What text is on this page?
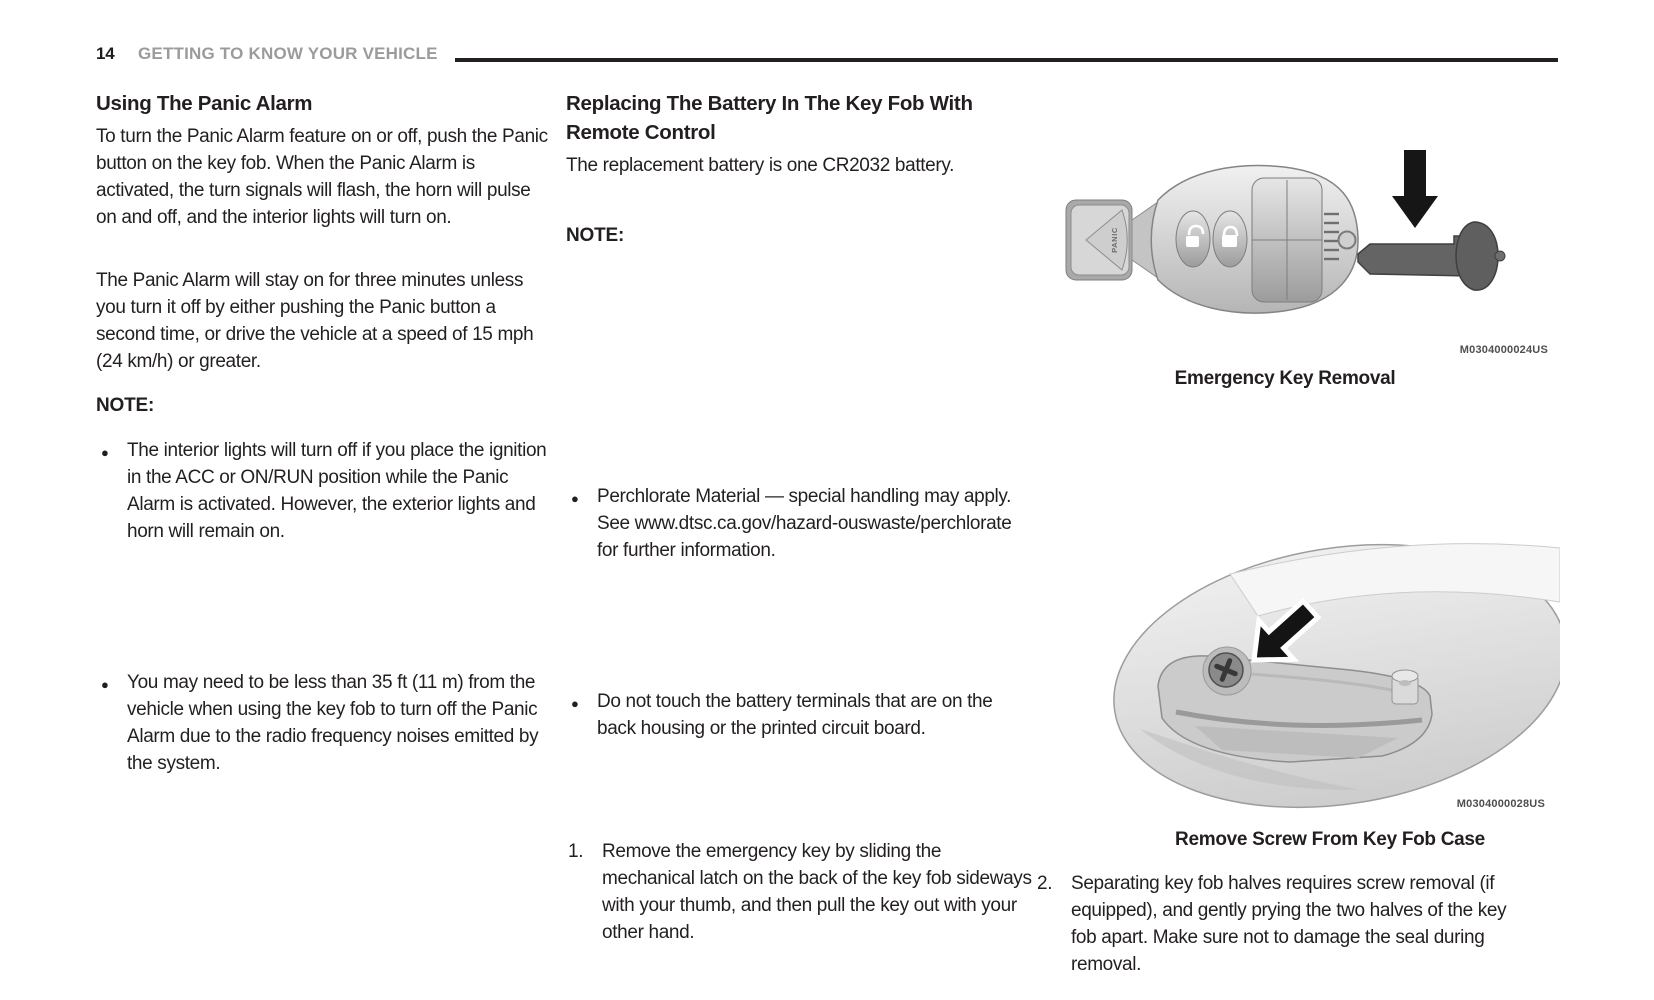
14 GETTING TO KNOW YOUR VEHICLE
Using The Panic Alarm
To turn the Panic Alarm feature on or off, push the Panic button on the key fob. When the Panic Alarm is activated, the turn signals will flash, the horn will pulse on and off, and the interior lights will turn on.
The Panic Alarm will stay on for three minutes unless you turn it off by either pushing the Panic button a second time, or drive the vehicle at a speed of 15 mph (24 km/h) or greater.
NOTE:
● The interior lights will turn off if you place the ignition in the ACC or ON/RUN position while the Panic Alarm is activated. However, the exterior lights and horn will remain on.
● You may need to be less than 35 ft (11 m) from the vehicle when using the key fob to turn off the Panic Alarm due to the radio frequency noises emitted by the system.
Replacing The Battery In The Key Fob With Remote Control
The replacement battery is one CR2032 battery.
NOTE:
● Perchlorate Material — special handling may apply. See www.dtsc.ca.gov/hazard-ouswaste/perchlorate for further information.
● Do not touch the battery terminals that are on the back housing or the printed circuit board.
1. Remove the emergency key by sliding the mechanical latch on the back of the key fob sideways with your thumb, and then pull the key out with your other hand.
PANIC
M0304000024US
Emergency Key Removal
2. Separating key fob halves requires screw removal (if equipped), and gently prying the two halves of the key fob apart. Make sure not to damage the seal during removal.
M0304000028US
Remove Screw From Key Fob Case
